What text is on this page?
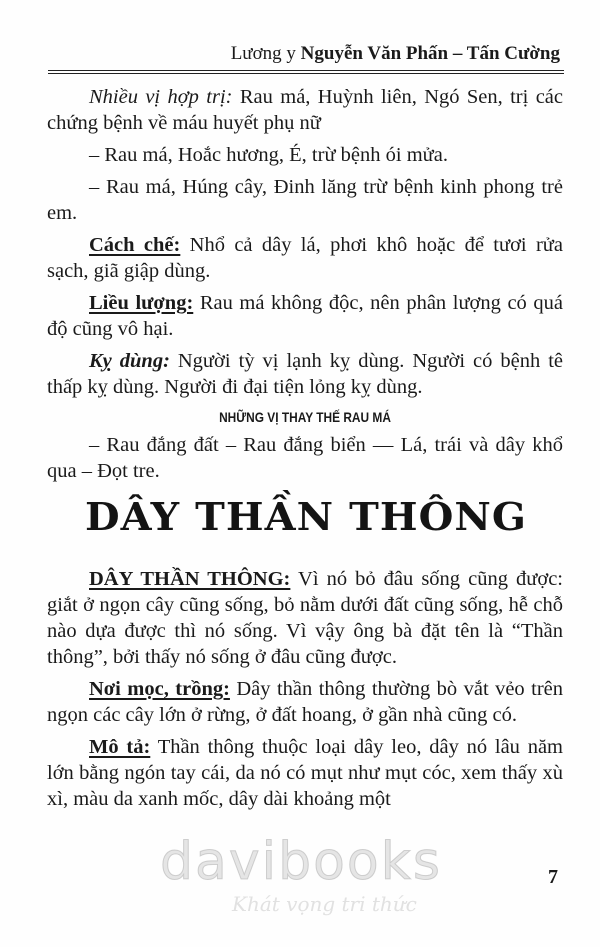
Lương y Nguyễn Văn Phấn – Tấn Cường

Nhiều vị hợp trị: Rau má, Huỳnh liên, Ngó Sen, trị các chứng bệnh về máu huyết phụ nữ

– Rau má, Hoắc hương, É, trừ bệnh ói mửa.

– Rau má, Húng cây, Đinh lăng trừ bệnh kinh phong trẻ em.

Cách chế: Nhổ cả dây lá, phơi khô hoặc để tươi rửa sạch, giã giập dùng.

Liều lượng: Rau má không độc, nên phân lượng có quá độ cũng vô hại.

Kỵ dùng: Người tỳ vị lạnh kỵ dùng. Người có bệnh tê thấp kỵ dùng. Người đi đại tiện lỏng kỵ dùng.

NHỮNG VỊ THAY THẾ RAU MÁ

– Rau đắng đất – Rau đắng biển — Lá, trái và dây khổ qua – Đọt tre.

DÂY THẦN THÔNG

DÂY THẦN THÔNG: Vì nó bỏ đâu sống cũng được: giắt ở ngọn cây cũng sống, bỏ nằm dưới đất cũng sống, hễ chỗ nào dựa được thì nó sống. Vì vậy ông bà đặt tên là “Thần thông”, bởi thấy nó sống ở đâu cũng được.

Nơi mọc, trồng: Dây thần thông thường bò vắt vẻo trên ngọn các cây lớn ở rừng, ở đất hoang, ở gần nhà cũng có.

Mô tả: Thần thông thuộc loại dây leo, dây nó lâu năm lớn bằng ngón tay cái, da nó có mụt như mụt cóc, xem thấy xù xì, màu da xanh mốc, dây dài khoảng một

davibooks
Khát vọng tri thức
7
